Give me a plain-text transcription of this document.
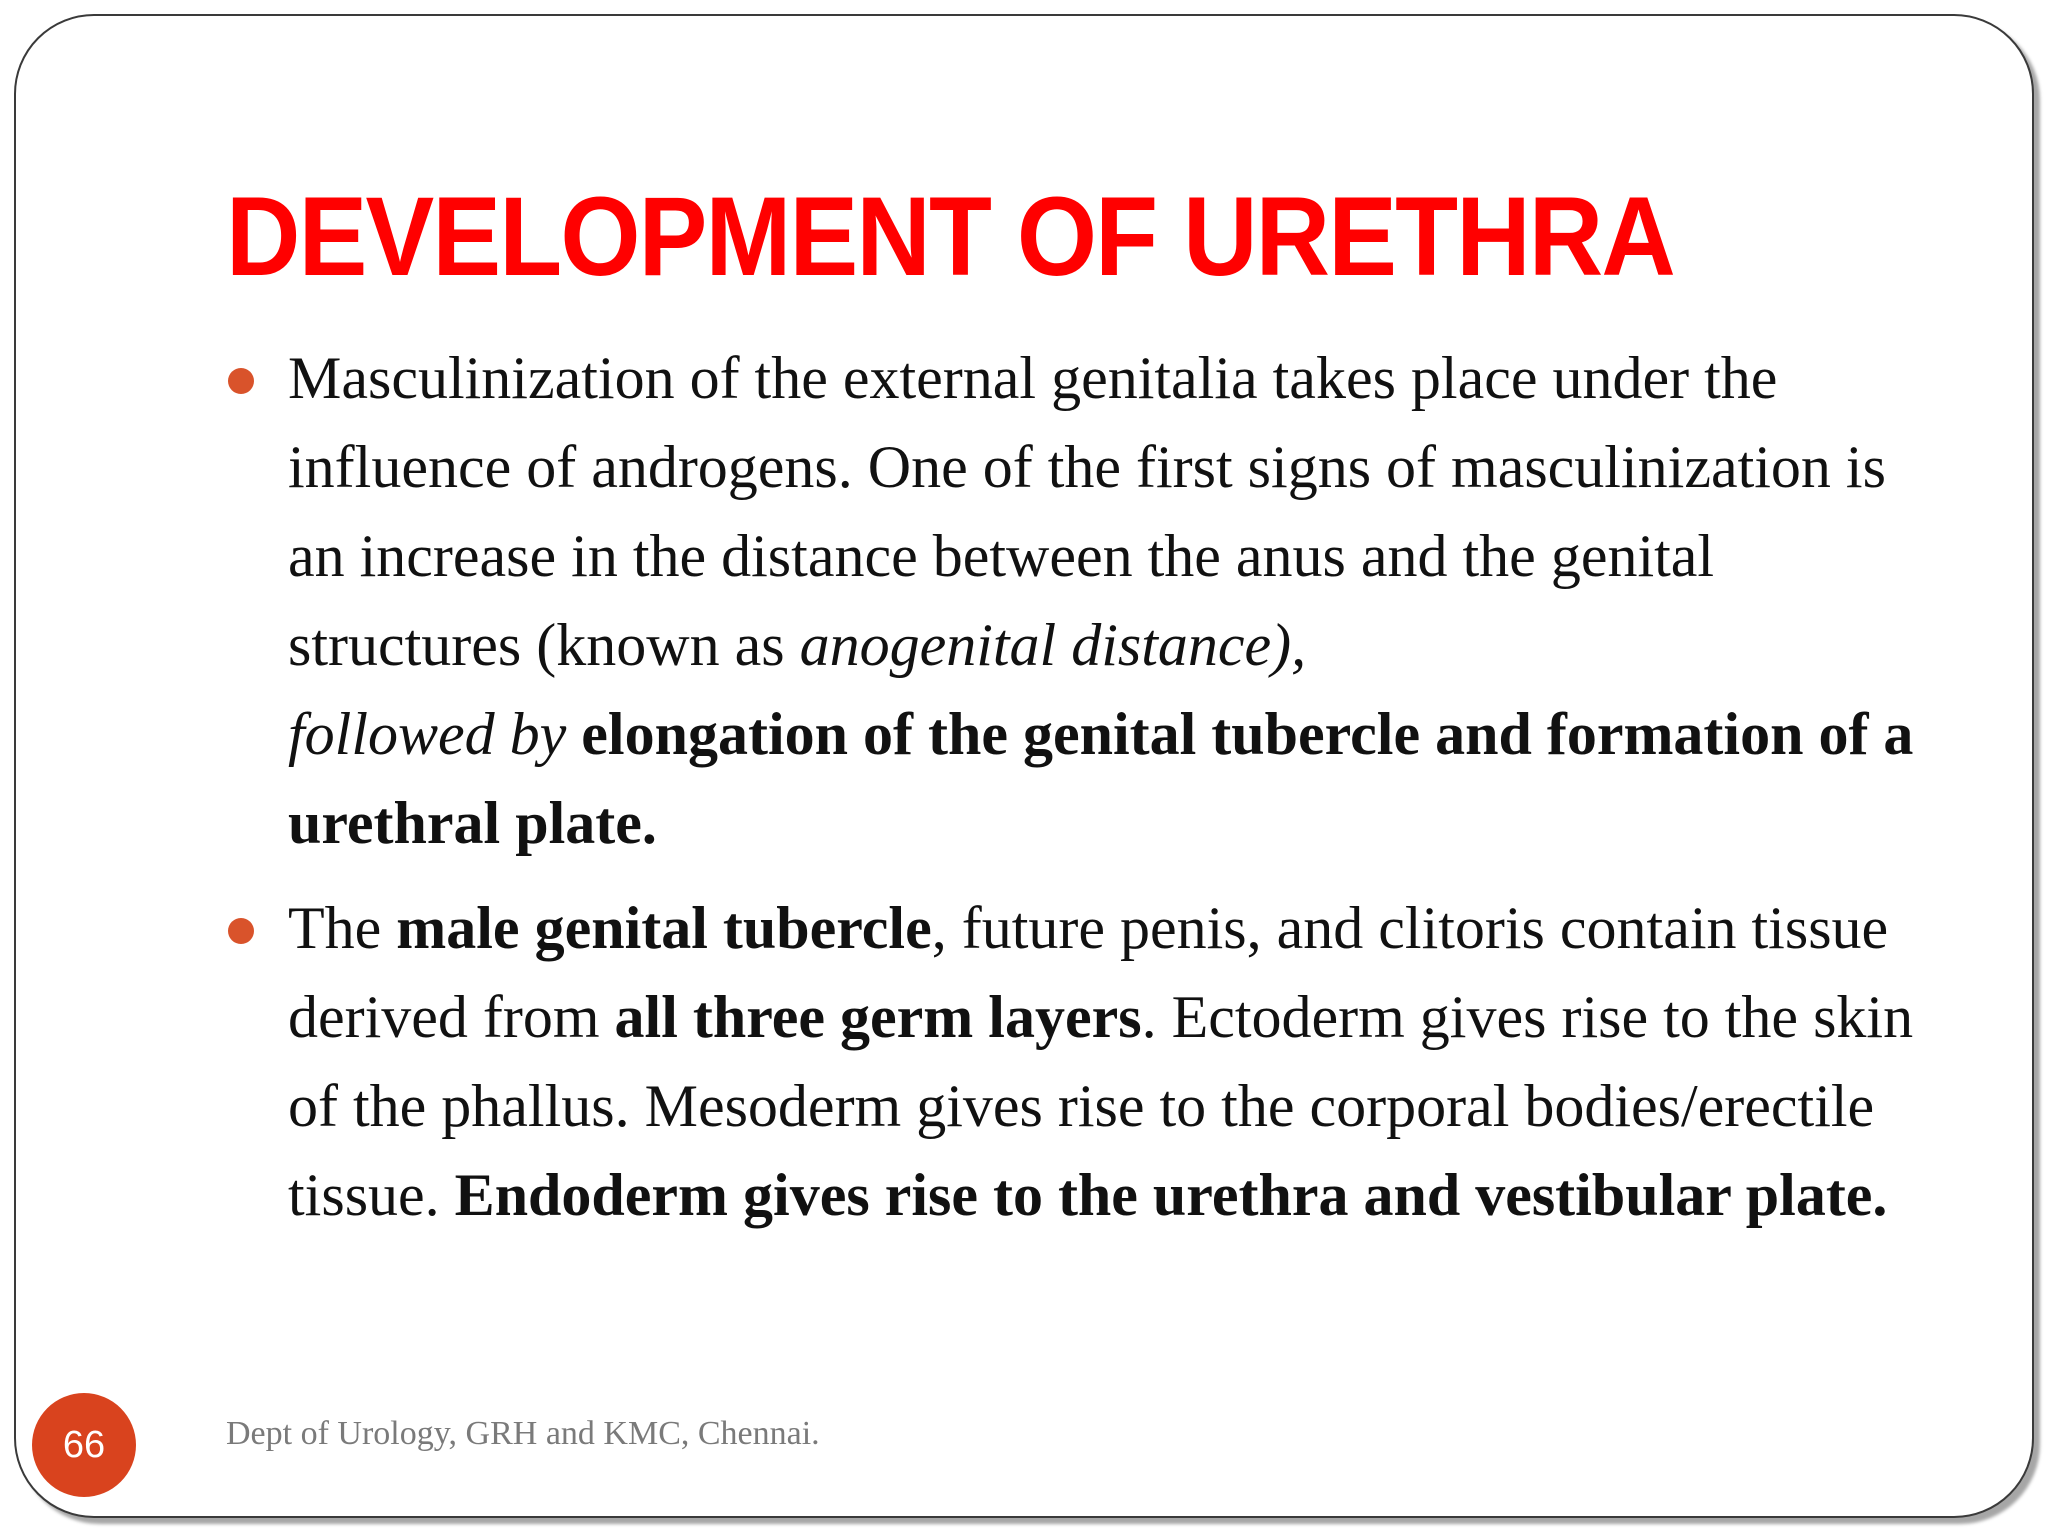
DEVELOPMENT OF URETHRA
Masculinization of the external genitalia takes place under the influence of androgens. One of the first signs of masculinization is an increase in the distance between the anus and the genital structures (known as anogenital distance),
followed by elongation of the genital tubercle and formation of a urethral plate.
The male genital tubercle, future penis, and clitoris contain tissue derived from all three germ layers. Ectoderm gives rise to the skin of the phallus. Mesoderm gives rise to the corporal bodies/erectile tissue. Endoderm gives rise to the urethra and vestibular plate.
66	Dept of Urology, GRH and KMC, Chennai.
